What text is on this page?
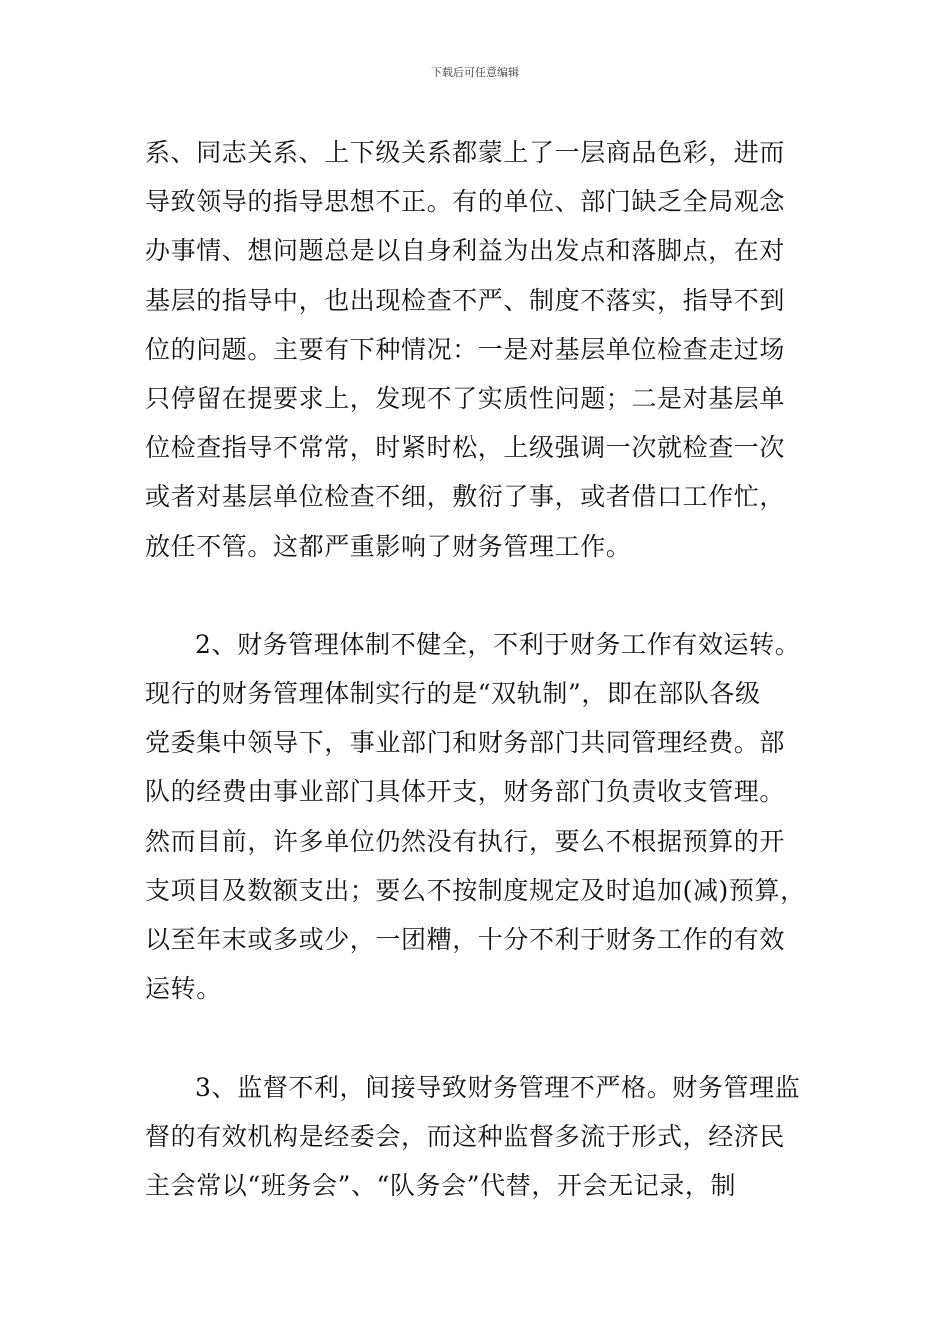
下载后可任意编辑
系、同志关系、上下级关系都蒙上了一层商品色彩，进而
导致领导的指导思想不正。有的单位、部门缺乏全局观念
办事情、想问题总是以自身利益为出发点和落脚点，在对
基层的指导中，也出现检查不严、制度不落实，指导不到
位的问题。主要有下种情况：一是对基层单位检查走过场
只停留在提要求上，发现不了实质性问题；二是对基层单
位检查指导不常常，时紧时松，上级强调一次就检查一次
或者对基层单位检查不细，敷衍了事，或者借口工作忙，
放任不管。这都严重影响了财务管理工作。
2、财务管理体制不健全，不利于财务工作有效运转。
现行的财务管理体制实行的是“双轨制”，即在部队各级
党委集中领导下，事业部门和财务部门共同管理经费。部
队的经费由事业部门具体开支，财务部门负责收支管理。
然而目前，许多单位仍然没有执行，要么不根据预算的开
支项目及数额支出；要么不按制度规定及时追加(减)预算，
以至年末或多或少，一团糟，十分不利于财务工作的有效
运转。
3、监督不利，间接导致财务管理不严格。财务管理监
督的有效机构是经委会，而这种监督多流于形式，经济民
主会常以“班务会”、“队务会”代替，开会无记录，制
